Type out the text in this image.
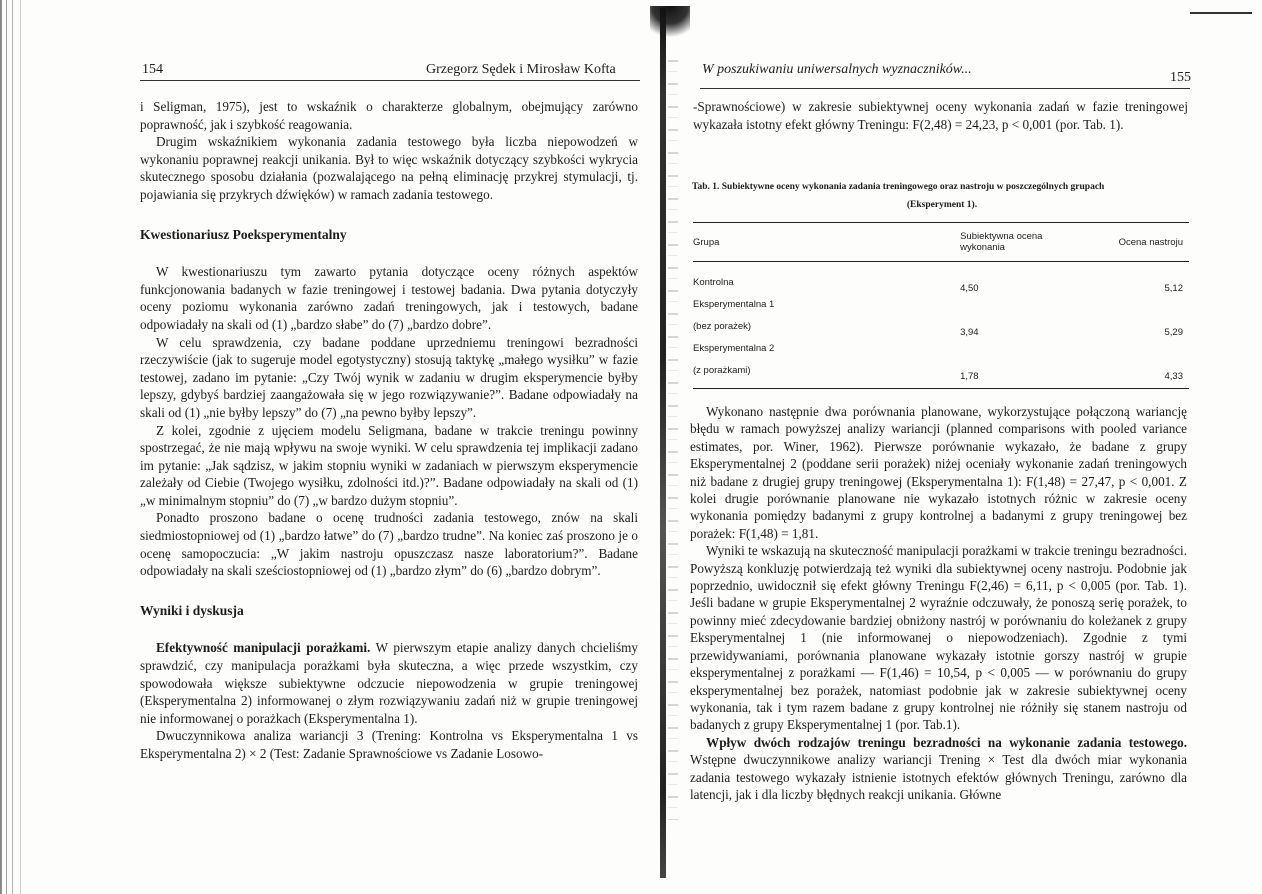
154	Grzegorz Sędek i Mirosław Kofta

i Seligman, 1975), jest to wskaźnik o charakterze globalnym, obejmujący zarówno poprawność, jak i szybkość reagowania.

Drugim wskaźnikiem wykonania zadania testowego była liczba niepowodzeń w wykonaniu poprawnej reakcji unikania. Był to więc wskaźnik dotyczący szybkości wykrycia skutecznego sposobu działania (pozwalającego na pełną eliminację przykrej stymulacji, tj. pojawiania się przykrych dźwięków) w ramach zadania testowego.

Kwestionariusz Poeksperymentalny

W kwestionariuszu tym zawarto pytania dotyczące oceny różnych aspektów funkcjonowania badanych w fazie treningowej i testowej badania. Dwa pytania dotyczyły oceny poziomu wykonania zarówno zadań treningowych, jak i testowych, badane odpowiadały na skali od (1) „bardzo słabe” do (7) „bardzo dobre”.

W celu sprawdzenia, czy badane poddane uprzedniemu treningowi bezradności rzeczywiście (jak to sugeruje model egotystyczny) stosują taktykę „małego wysiłku” w fazie testowej, zadano im pytanie: „Czy Twój wynik w zadaniu w drugim eksperymencie byłby lepszy, gdybyś bardziej zaangażowała się w jego rozwiązywanie?”. Badane odpowiadały na skali od (1) „nie byłby lepszy” do (7) „na pewno byłby lepszy”.

Z kolei, zgodnie z ujęciem modelu Seligmana, badane w trakcie treningu powinny spostrzegać, że nie mają wpływu na swoje wyniki. W celu sprawdzenia tej implikacji zadano im pytanie: „Jak sądzisz, w jakim stopniu wyniki w zadaniach w pierwszym eksperymencie zależały od Ciebie (Twojego wysiłku, zdolności itd.)?”. Badane odpowiadały na skali od (1) „w minimalnym stopniu” do (7) „w bardzo dużym stopniu”.

Ponadto proszono badane o ocenę trudności zadania testowego, znów na skali siedmiostopniowej od (1) „bardzo łatwe” do (7) „bardzo trudne”. Na koniec zaś proszono je o ocenę samopoczucia: „W jakim nastroju opuszczasz nasze laboratorium?”. Badane odpowiadały na skali sześciostopniowej od (1) „bardzo złym” do (6) „bardzo dobrym”.

Wyniki i dyskusja

Efektywność manipulacji porażkami. W pierwszym etapie analizy danych chcieliśmy sprawdzić, czy manipulacja porażkami była skuteczna, a więc przede wszystkim, czy spowodowała większe subiektywne odczucie niepowodzenia w grupie treningowej (Eksperymentalna 2) informowanej o złym rozwiązywaniu zadań niż w grupie treningowej nie informowanej o porażkach (Eksperymentalna 1).

Dwuczynnikowa analiza wariancji 3 (Trening: Kontrolna vs Eksperymentalna 1 vs Eksperymentalna 2) × 2 (Test: Zadanie Sprawnościowe vs Zadanie Losowo-

W poszukiwaniu uniwersalnych wyznaczników...
155

-Sprawnościowe) w zakresie subiektywnej oceny wykonania zadań w fazie treningowej wykazała istotny efekt główny Treningu: F(2,48) = 24,23, p < 0,001 (por. Tab. 1).

Tab. 1. Subiektywne oceny wykonania zadania treningowego oraz nastroju w poszczególnych grupach
(Eksperyment 1).
Grupa	Subiektywna ocena wykonania	Ocena nastroju
Kontrolna	4,50	5,12
Eksperymentalna 1		
(bez porażek)	3,94	5,29
Eksperymentalna 2		
(z porażkami)	1,78	4,33

Wykonano następnie dwa porównania planowane, wykorzystujące połączoną wariancję błędu w ramach powyższej analizy wariancji (planned comparisons with pooled variance estimates, por. Winer, 1962). Pierwsze porównanie wykazało, że badane z grupy Eksperymentalnej 2 (poddane serii porażek) niżej oceniały wykonanie zadań treningowych niż badane z drugiej grupy treningowej (Eksperymentalna 1): F(1,48) = 27,47, p < 0,001. Z kolei drugie porównanie planowane nie wykazało istotnych różnic w zakresie oceny wykonania pomiędzy badanymi z grupy kontrolnej a badanymi z grupy treningowej bez porażek: F(1,48) = 1,81.

Wyniki te wskazują na skuteczność manipulacji porażkami w trakcie treningu bezradności. Powyższą konkluzję potwierdzają też wyniki dla subiektywnej oceny nastroju. Podobnie jak poprzednio, uwidocznił się efekt główny Treningu F(2,46) = 6,11, p < 0,005 (por. Tab. 1). Jeśli badane w grupie Eksperymentalnej 2 wyraźnie odczuwały, że ponoszą serię porażek, to powinny mieć zdecydowanie bardziej obniżony nastrój w porównaniu do koleżanek z grupy Eksperymentalnej 1 (nie informowanej o niepowodzeniach). Zgodnie z tymi przewidywaniami, porównania planowane wykazały istotnie gorszy nastrój w grupie eksperymentalnej z porażkami — F(1,46) = 10,54, p < 0,005 — w porównaniu do grupy eksperymentalnej bez porażek, natomiast podobnie jak w zakresie subiektywnej oceny wykonania, tak i tym razem badane z grupy kontrolnej nie różniły się stanem nastroju od badanych z grupy Eksperymentalnej 1 (por. Tab.1).

Wpływ dwóch rodzajów treningu bezradności na wykonanie zadania testowego. Wstępne dwuczynnikowe analizy wariancji Trening × Test dla dwóch miar wykonania zadania testowego wykazały istnienie istotnych efektów głównych Treningu, zarówno dla latencji, jak i dla liczby błędnych reakcji unikania. Główne
